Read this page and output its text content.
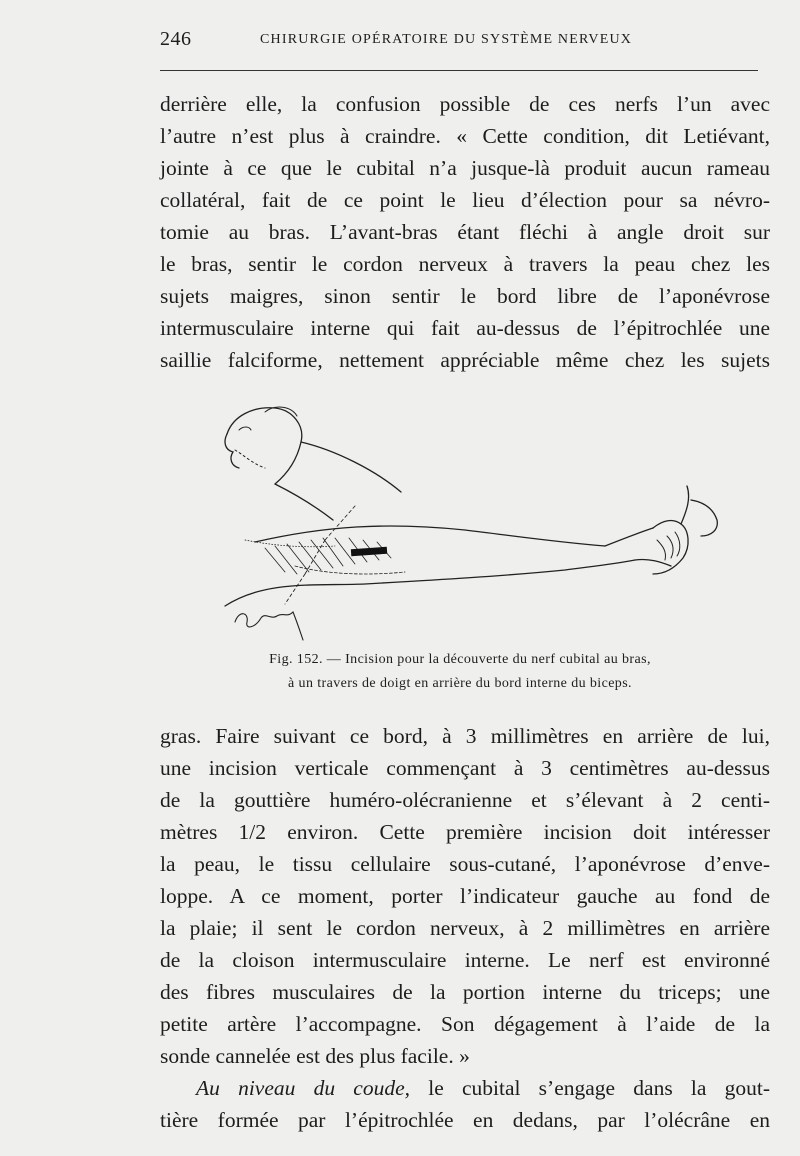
246	CHIRURGIE OPÉRATOIRE DU SYSTÈME NERVEUX
derrière elle, la confusion possible de ces nerfs l’un avec
l’autre n’est plus à craindre. « Cette condition, dit Letiévant,
jointe à ce que le cubital n’a jusque-là produit aucun rameau
collatéral, fait de ce point le lieu d’élection pour sa névro-
tomie au bras. L’avant-bras étant fléchi à angle droit sur
le bras, sentir le cordon nerveux à travers la peau chez les
sujets maigres, sinon sentir le bord libre de l’aponévrose
intermusculaire interne qui fait au-dessus de l’épitrochlée une
saillie falciforme, nettement appréciable même chez les sujets
Fig. 152. — Incision pour la découverte du nerf cubital au bras,
à un travers de doigt en arrière du bord interne du biceps.
gras. Faire suivant ce bord, à 3 millimètres en arrière de lui,
une incision verticale commençant à 3 centimètres au-dessus
de la gouttière huméro-olécranienne et s’élevant à 2 centi-
mètres 1/2 environ. Cette première incision doit intéresser
la peau, le tissu cellulaire sous-cutané, l’aponévrose d’enve-
loppe. A ce moment, porter l’indicateur gauche au fond de
la plaie; il sent le cordon nerveux, à 2 millimètres en arrière
de la cloison intermusculaire interne. Le nerf est environné
des fibres musculaires de la portion interne du triceps; une
petite artère l’accompagne. Son dégagement à l’aide de la
sonde cannelée est des plus facile. »
Au niveau du coude, le cubital s’engage dans la gout-
tière formée par l’épitrochlée en dedans, par l’olécrâne en
